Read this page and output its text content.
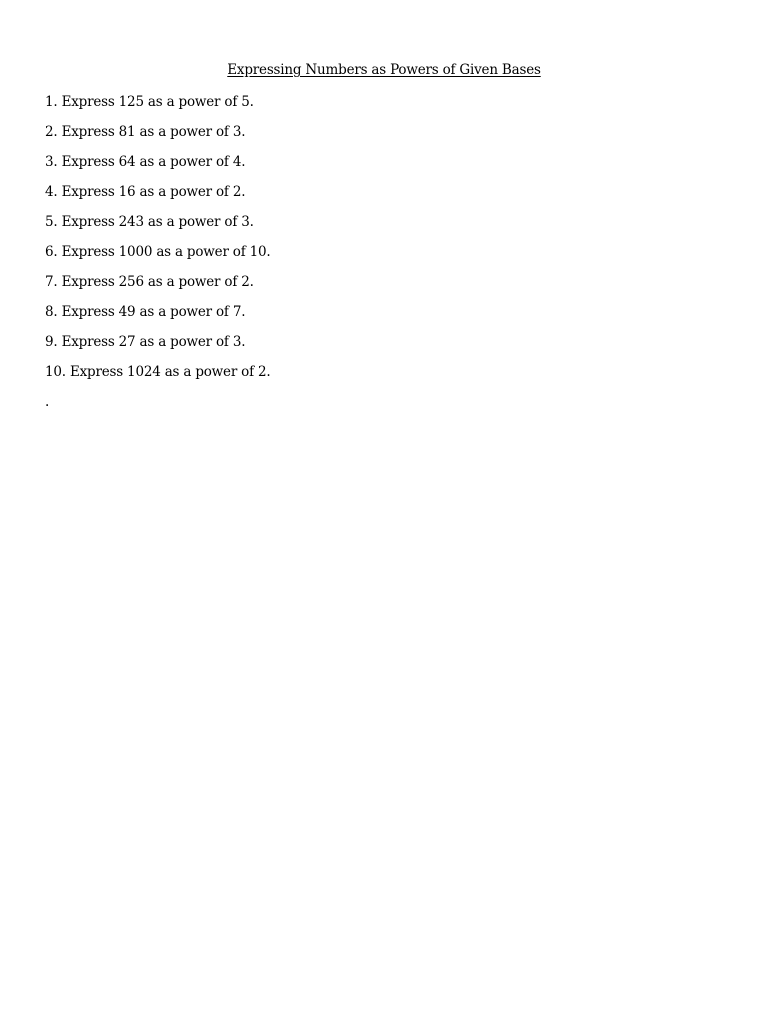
Expressing Numbers as Powers of Given Bases
1. Express 125 as a power of 5.
2. Express 81 as a power of 3.
3. Express 64 as a power of 4.
4. Express 16 as a power of 2.
5. Express 243 as a power of 3.
6. Express 1000 as a power of 10.
7. Express 256 as a power of 2.
8. Express 49 as a power of 7.
9. Express 27 as a power of 3.
10. Express 1024 as a power of 2.
.
